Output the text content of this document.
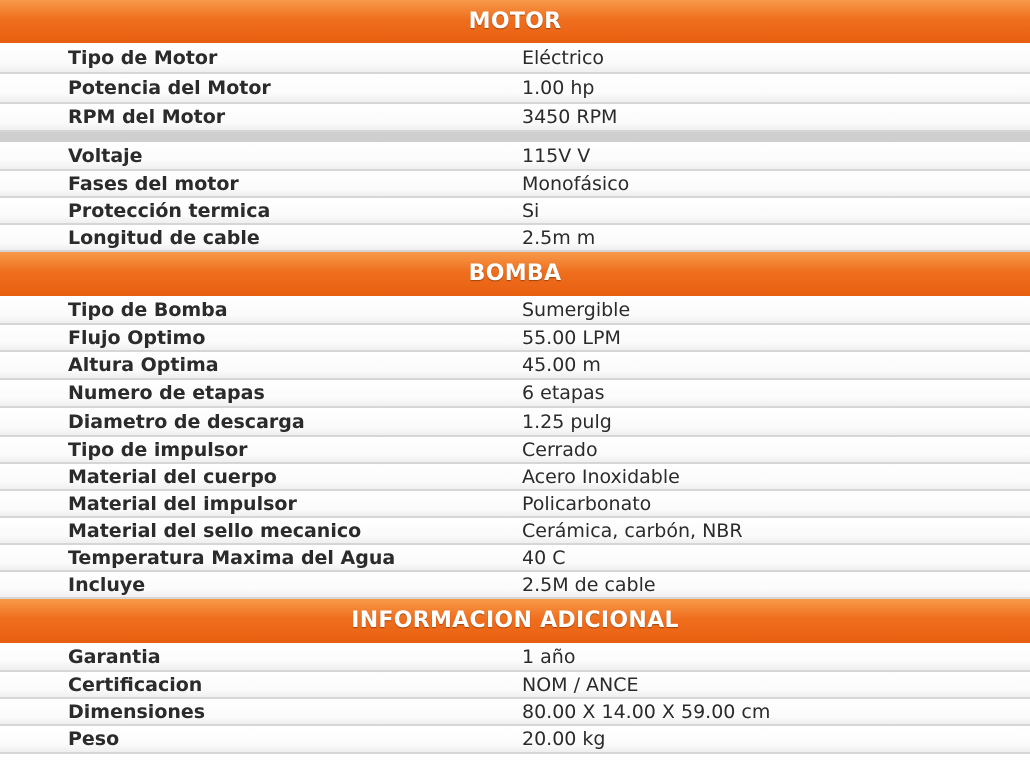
MOTOR
Tipo de Motor	Eléctrico
Potencia del Motor	1.00 hp
RPM del Motor	3450 RPM
Voltaje	115V V
Fases del motor	Monofásico
Protección termica	Si
Longitud de cable	2.5m m
BOMBA
Tipo de Bomba	Sumergible
Flujo Optimo	55.00 LPM
Altura Optima	45.00 m
Numero de etapas	6 etapas
Diametro de descarga	1.25 pulg
Tipo de impulsor	Cerrado
Material del cuerpo	Acero Inoxidable
Material del impulsor	Policarbonato
Material del sello mecanico	Cerámica, carbón, NBR
Temperatura Maxima del Agua	40 C
Incluye	2.5M de cable
INFORMACION ADICIONAL
Garantia	1 año
Certificacion	NOM / ANCE
Dimensiones	80.00 X 14.00 X 59.00 cm
Peso	20.00 kg
